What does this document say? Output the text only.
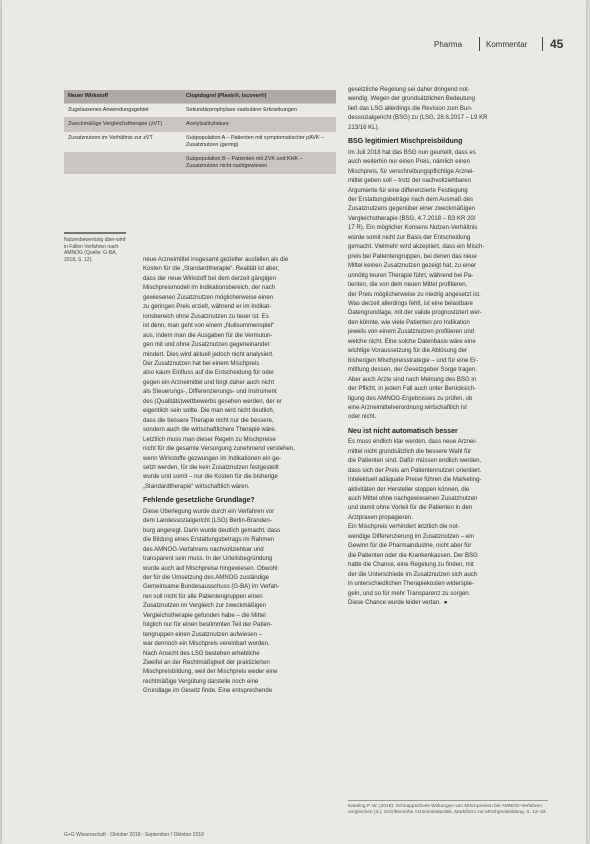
Pharma	Kommentar 45
Neuer Wirkstoff	Clopidogrel (Plavix®, Iscover®)
Zugelassenes Anwendungsgebiet	Sekundärprophylaxe vaskulärer Erkrankungen
Zweckmäßige Vergleichstherapie (zVT)	Acetylsalicylsäure
Zusatznutzen im Verhältnis zur zVT	Subpopulation A – Patienten mit symptomatischer pAVK – Zusatznutzen (gering)
	Subpopulation B – Patienten mit ZVK und KHK – Zusatznutzen nicht nachgewiesen
Nutzenbewertung über-wird in Fällen Verfahren nach AMNOG (Quelle: G-BA, 2018, S. 12).	neue Arzneimittel insgesamt gezielter ausfallen als die

Kosten für die „Standardtherapie“. Realität ist aber,

dass der neue Wirkstoff bei dem derzeit gängigen

Mischpreismodell im Indikationsbereich, der nach

gewiesenen Zusatznutzen möglicherweise einen

zu geringen Preis erzielt, während er im Indikat-

ionsbereich ohne Zusatznutzen zu teuer ist. Es

ist denn, man geht von einem „Nullsummenspiel“

aus, indem man die Ausgaben für die Vermutun-

gen mit und ohne Zusatznutzen gegeneinander

mindert. Dies wird aktuell jedoch nicht analysiert.

Der Zusatznutzen hat bei einem Mischpreis

also kaum Einfluss auf die Entscheidung für oder

gegen ein Arzneimittel und birgt daher auch nicht

als Steuerungs-, Differenzierungs- und Instrument

des (Qualitäts)wettbewerbs gesehen werden, der er

eigentlich sein sollte. Die man wird nicht deutlich,

dass die bessere Therapie nicht nur die bessere,

sondern auch die wirtschaftlichere Therapie wäre.

Letztlich muss man dieser Regeln zu Mischpreise

nicht für die gesamte Versorgung zunehmend verstehen,

wenn Wirkstoffe gezwungen im Indikationen ein ge-

setzt werden, für die kein Zusatznutzen festgestellt

wurde und somit – nur die Kosten für die bisherige

„Standardtherapie“ wirtschaftlich wären.

Fehlende gesetzliche Grundlage?

Diese Überlegung wurde durch ein Verfahren vor

dem Landessozialgericht (LSG) Berlin-Branden-

burg angeregt. Darin wurde deutlich gemacht, dass

die Bildung eines Erstattungsbetrags im Rahmen

des AMNOG-Verfahrens nachvollziehbar und

transparent sein muss. In der Urteilsbegründung

wurde auch auf Mischpreise hingewiesen. Obwohl

der für die Umsetzung des AMNOG zuständige

Gemeinsame Bundesausschuss (G-BA) im Verfah-

ren soll nicht für alle Patientengruppen einen

Zusatznutzen im Vergleich zur zweckmäßigen

Vergleichstherapie gefunden habe – die Mittel

folglich nur für einen bestimmten Teil der Patien-

tengruppen einen Zusatznutzen aufwiesen –

war dennoch ein Mischpreis vereinbart worden.

Nach Ansicht des LSG bestehen erhebliche

Zweifel an der Rechtmäßigkeit der praktizierten

Mischpreisbildung, weil der Mischpreis weder eine

rechtmäßige Vergütung darstelle noch eine

Grundlage im Gesetz finde. Eine entsprechende

gesetzliche Regelung sei daher dringend not-

wendig. Wegen der grundsätzlichen Bedeutung

ließ das LSG allerdings die Revision zum Bun-

dessozialgericht (BSG) zu (LSG, 28.6.2017 – L9 KR

213/16 KL).

BSG legitimiert Mischpreisbildung

Im Juli 2018 hat das BSG nun geurteilt, dass es

auch weiterhin nur einen Preis, nämlich einen

Mischpreis, für verschreibungspflichtige Arznei-

mittel geben soll – trotz der nachvollziehbaren

Argumente für eine differenzierte Festlegung

der Erstattungsbeträge nach dem Ausmaß des

Zusatznutzens gegenüber einer zweckmäßigen

Vergleichstherapie (BSG, 4.7.2018 – B3 KR 20/

17 R). Ein möglicher Konsens Nutzen-Verhältnis

würde somit nicht zur Basis der Entscheidung

gemacht. Vielmehr wird akzeptiert, dass ein Misch-

preis bei Patientengruppen, bei denen das neue

Mittel keinen Zusatznutzen gezeigt hat, zu einer

unnötig teuren Therapie führt, während bei Pa-

tienten, die von dem neuen Mittel profitieren,

der Preis möglicherweise zu niedrig angesetzt ist.

Was derzeit allerdings fehlt, ist eine belastbare

Datengrundlage, mit der valide prognostiziert wer-

den könnte, wie viele Patienten pro Indikation

jeweils von einem Zusatznutzen profitieren und

welche nicht. Eine solche Datenbasis wäre eine

wichtige Voraussetzung für die Ablösung der

bisherigen Mischpreisstrategie – und für eine Er-

mittlung dessen, der Gesetzgeber Sorge tragen.

Aber auch Ärzte sind nach Meinung des BSG in

der Pflicht, in jedem Fall auch unter Berücksich-

tigung des AMNOG-Ergebnisses zu prüfen, ob

eine Arzneimittelverordnung wirtschaftlich ist

oder nicht.

Neu ist nicht automatisch besser

Es muss endlich klar werden, dass neue Arznei-

mittel nicht grundsätzlich die bessere Wahl für

die Patienten sind. Dafür müssen endlich werden,

dass sich der Preis am Patientennutzen orientiert.

Intelektuell adäquate Preise führen die Marketing-

aktivitäten der Hersteller stoppen können, die

auch Mittel ohne nachgewiesenen Zusatznutzen

und damit ohne Vorteil für die Patienten in den

Arztpraxen propagieren.

Ein Mischpreis verhindert letztlich die not-

wendige Differenzierung im Zusatznutzen – ein

Gewinn für die Pharmaindustrie, nicht aber für

die Patienten oder die Krankenkassen. Der BSG

hatte die Chance, eine Regelung zu finden, mit

der die Unterschiede im Zusatznutzen sich auch

in unterschiedlichen Therapiekosten widerspie-

geln, und so für mehr Transparenz zu sorgen.

Diese Chance wurde leider vertan. ●
Kaeding P. W. (2018): Schnappschuss-Wirkungen von Mischpreisen bei AMNOG-Verfahren vergleichen (3.): Schriftenreihe Arzneimittelpolitik, Marktform zur Mischpreisbildung, S. 12–33.
G+G Wissenschaft · Oktober 2018 · September / Oktober 2018
